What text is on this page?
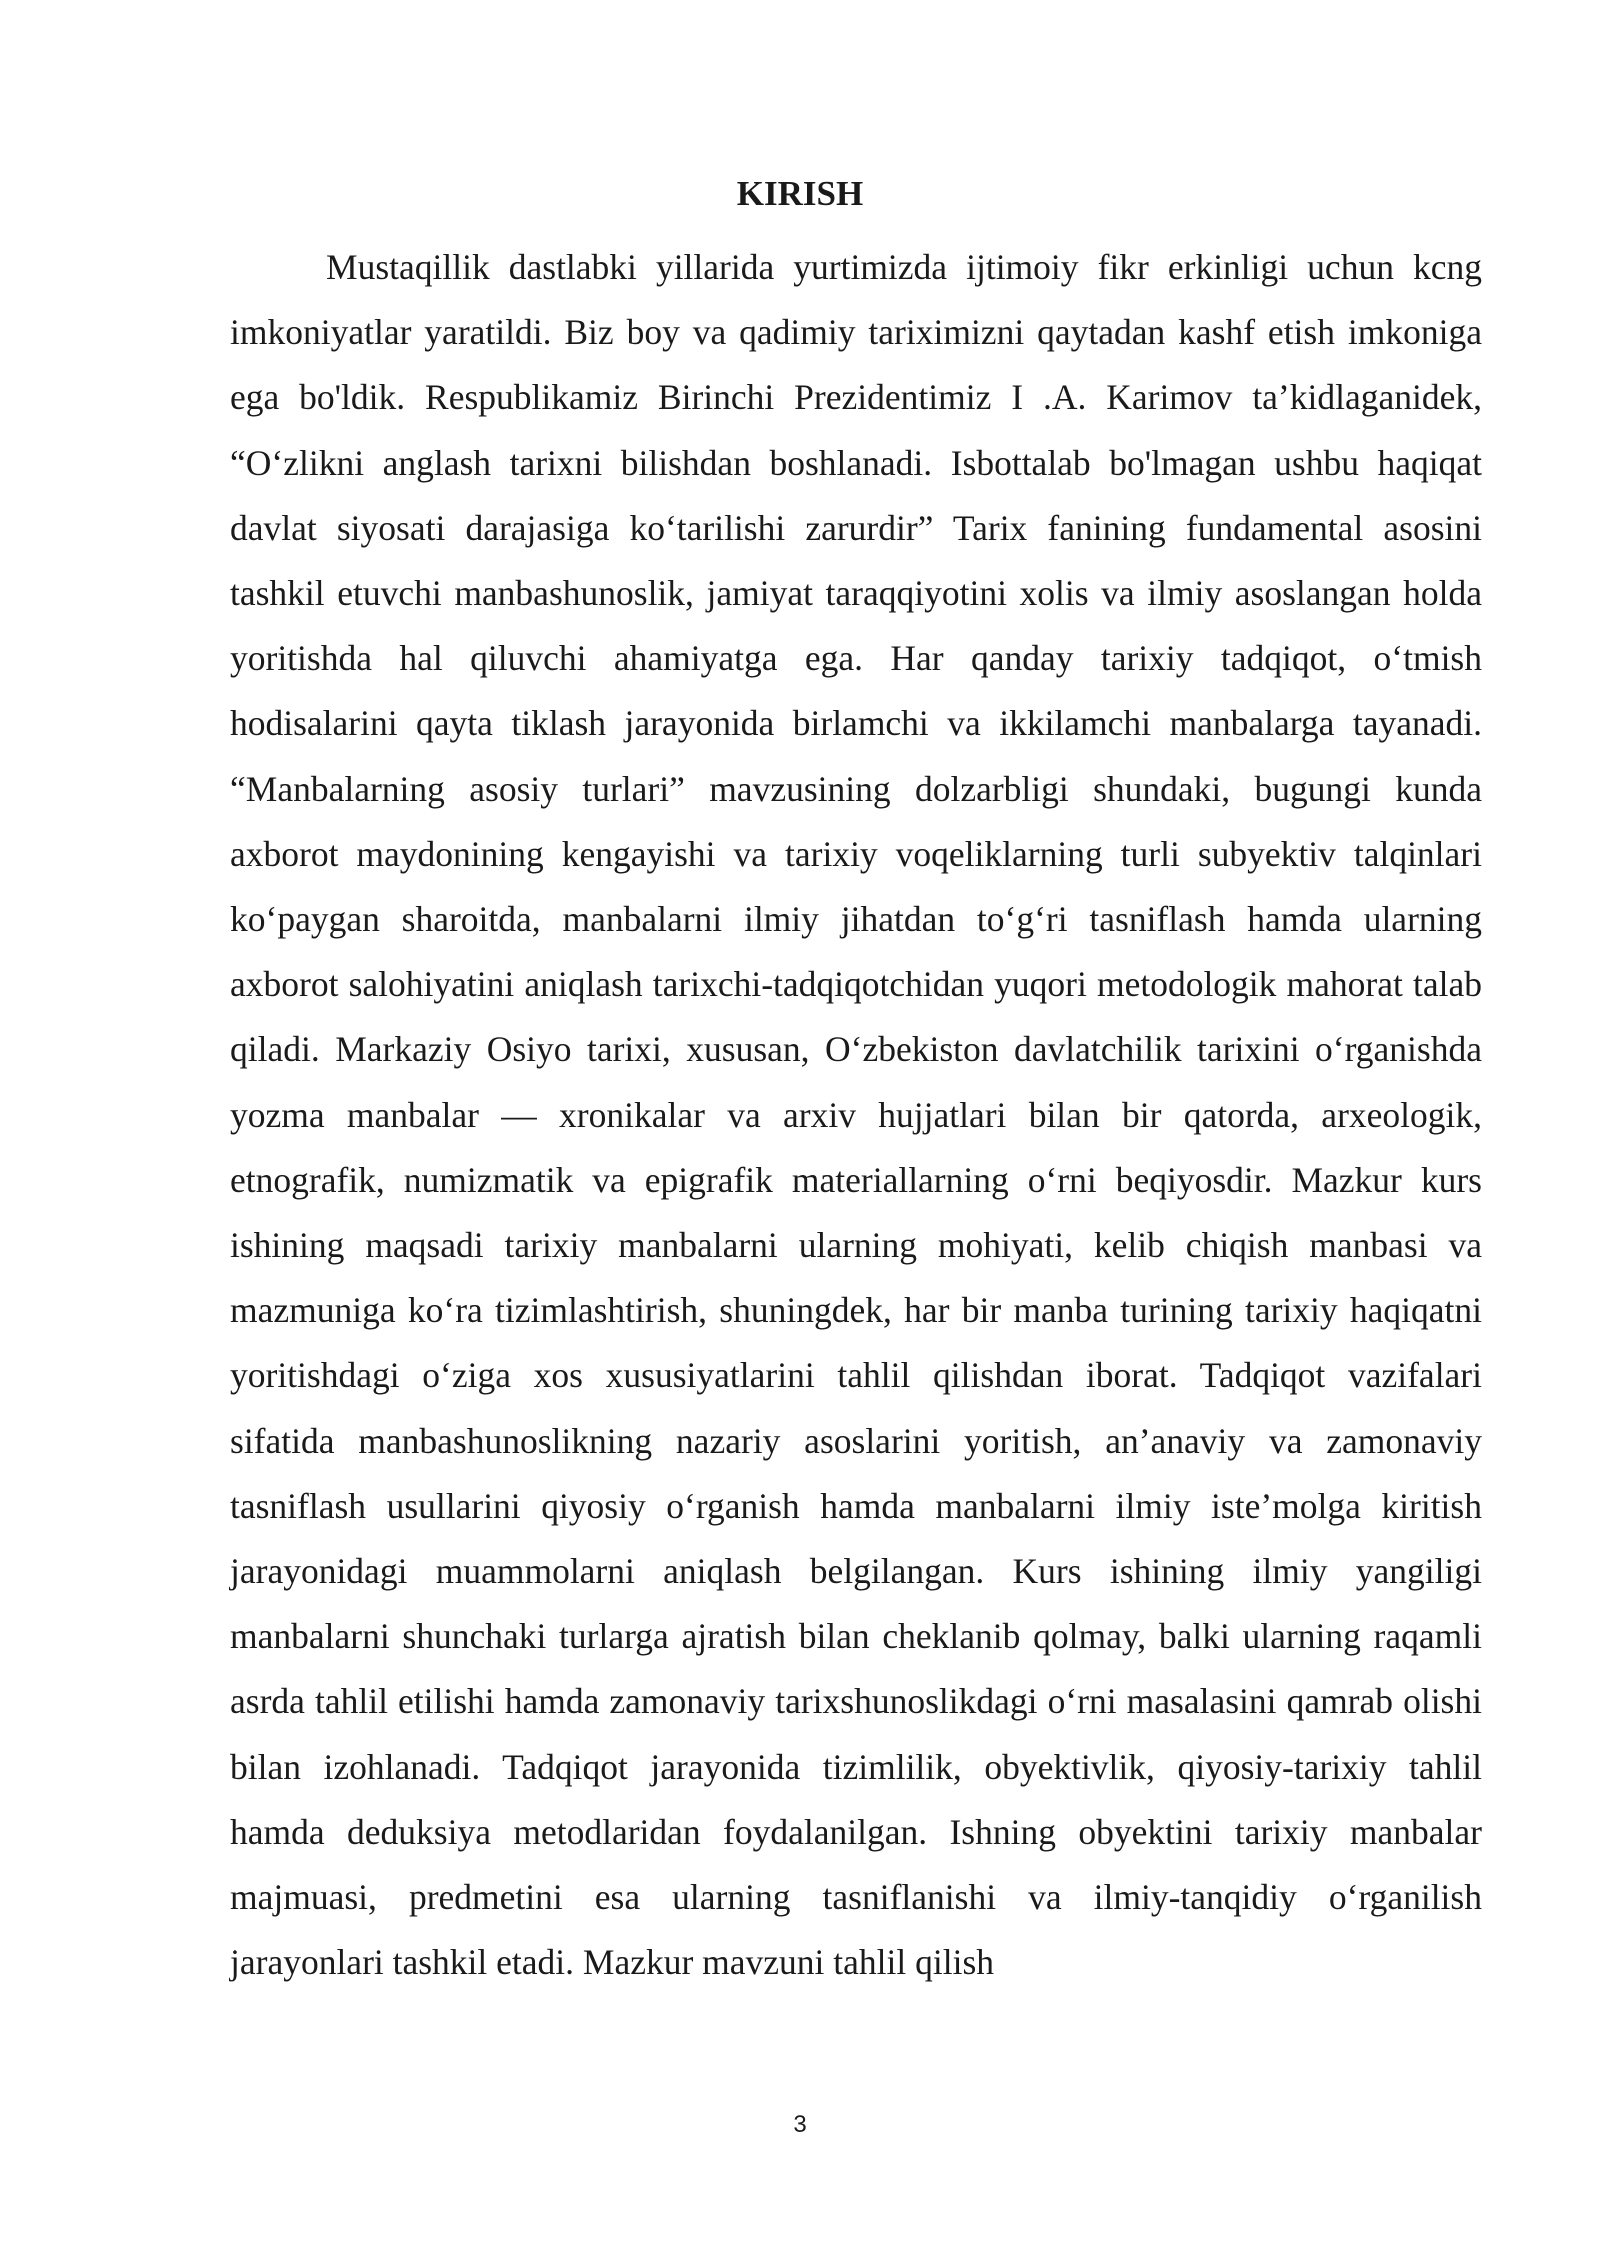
KIRISH

Mustaqillik dastlabki yillarida yurtimizda ijtimoiy fikr erkinligi uchun kcng imkoniyatlar yaratildi. Biz boy va qadimiy tariximizni qaytadan kashf etish imkoniga ega bo'ldik. Respublikamiz Birinchi Prezidentimiz I .A. Karimov ta’kidlaganidek, “O‘zlikni anglash tarixni bilishdan boshlanadi. Isbottalab bo'lmagan ushbu haqiqat davlat siyosati darajasiga ko‘tarilishi zarurdir” Tarix fanining fundamental asosini tashkil etuvchi manbashunoslik, jamiyat taraqqiyotini xolis va ilmiy asoslangan holda yoritishda hal qiluvchi ahamiyatga ega. Har qanday tarixiy tadqiqot, o‘tmish hodisalarini qayta tiklash jarayonida birlamchi va ikkilamchi manbalarga tayanadi. “Manbalarning asosiy turlari” mavzusining dolzarbligi shundaki, bugungi kunda axborot maydonining kengayishi va tarixiy voqeliklarning turli subyektiv talqinlari ko‘paygan sharoitda, manbalarni ilmiy jihatdan to‘g‘ri tasniflash hamda ularning axborot salohiyatini aniqlash tarixchi-tadqiqotchidan yuqori metodologik mahorat talab qiladi. Markaziy Osiyo tarixi, xususan, O‘zbekiston davlatchilik tarixini o‘rganishda yozma manbalar — xronikalar va arxiv hujjatlari bilan bir qatorda, arxeologik, etnografik, numizmatik va epigrafik materiallarning o‘rni beqiyosdir. Mazkur kurs ishining maqsadi tarixiy manbalarni ularning mohiyati, kelib chiqish manbasi va mazmuniga ko‘ra tizimlashtirish, shuningdek, har bir manba turining tarixiy haqiqatni yoritishdagi o‘ziga xos xususiyatlarini tahlil qilishdan iborat. Tadqiqot vazifalari sifatida manbashunoslikning nazariy asoslarini yoritish, an’anaviy va zamonaviy tasniflash usullarini qiyosiy o‘rganish hamda manbalarni ilmiy iste’molga kiritish jarayonidagi muammolarni aniqlash belgilangan. Kurs ishining ilmiy yangiligi manbalarni shunchaki turlarga ajratish bilan cheklanib qolmay, balki ularning raqamli asrda tahlil etilishi hamda zamonaviy tarixshunoslikdagi o‘rni masalasini qamrab olishi bilan izohlanadi. Tadqiqot jarayonida tizimlilik, obyektivlik, qiyosiy-tarixiy tahlil hamda deduksiya metodlaridan foydalanilgan. Ishning obyektini tarixiy manbalar majmuasi, predmetini esa ularning tasniflanishi va ilmiy-tanqidiy o‘rganilish jarayonlari tashkil etadi. Mazkur mavzuni tahlil qilish

3
